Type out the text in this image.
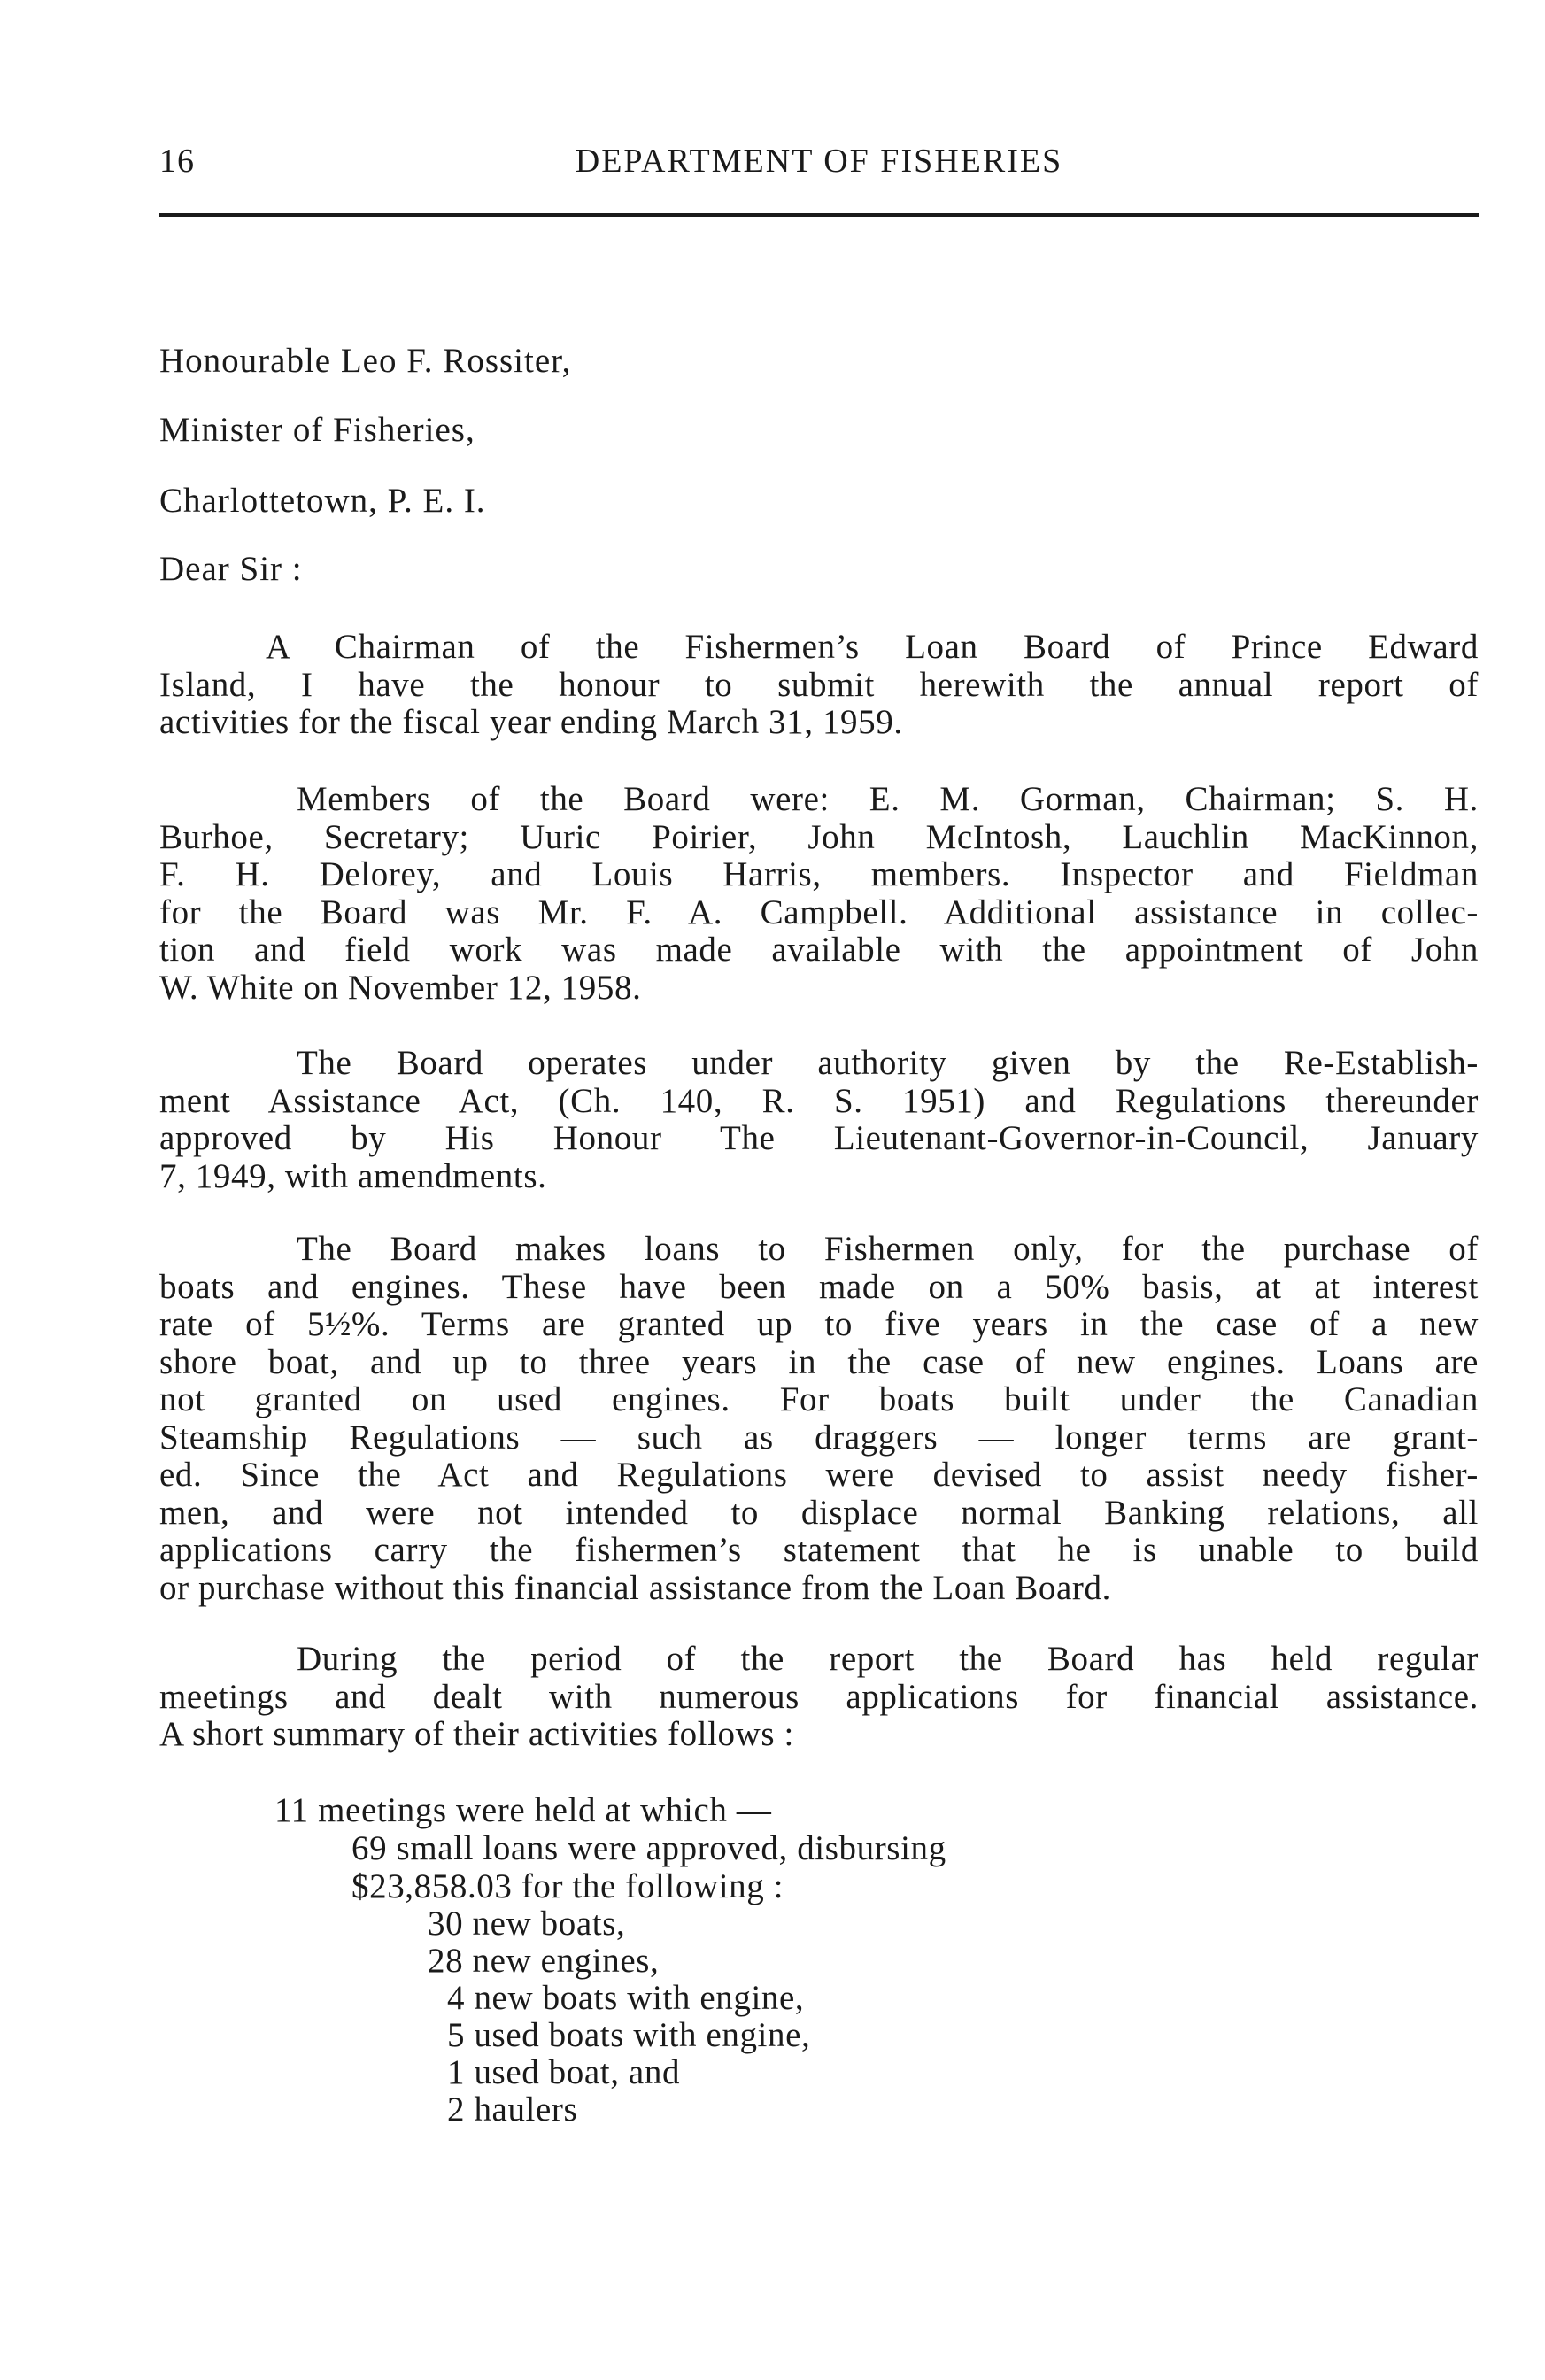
16	DEPARTMENT OF FISHERIES
Honourable Leo F. Rossiter,
Minister of Fisheries,
Charlottetown, P. E. I.
Dear Sir :
A Chairman of the Fishermen’s Loan Board of Prince Edward
Island, I have the honour to submit herewith the annual report of
activities for the fiscal year ending March 31, 1959.
Members of the Board were: E. M. Gorman, Chairman; S. H.
Burhoe, Secretary; Uuric Poirier, John McIntosh, Lauchlin MacKinnon,
F. H. Delorey, and Louis Harris, members. Inspector and Fieldman
for the Board was Mr. F. A. Campbell. Additional assistance in collec-
tion and field work was made available with the appointment of John
W. White on November 12, 1958.
The Board operates under authority given by the Re-Establish-
ment Assistance Act, (Ch. 140, R. S. 1951) and Regulations thereunder
approved by His Honour The Lieutenant-Governor-in-Council, January
7, 1949, with amendments.
The Board makes loans to Fishermen only, for the purchase of
boats and engines. These have been made on a 50% basis, at at interest
rate of 5½%. Terms are granted up to five years in the case of a new
shore boat, and up to three years in the case of new engines. Loans are
not granted on used engines. For boats built under the Canadian
Steamship Regulations — such as draggers — longer terms are grant-
ed. Since the Act and Regulations were devised to assist needy fisher-
men, and were not intended to displace normal Banking relations, all
applications carry the fishermen’s statement that he is unable to build
or purchase without this financial assistance from the Loan Board.
During the period of the report the Board has held regular
meetings and dealt with numerous applications for financial assistance.
A short summary of their activities follows :
11 meetings were held at which —
69 small loans were approved, disbursing
$23,858.03 for the following :
30 new boats,
28 new engines,
4 new boats with engine,
5 used boats with engine,
1 used boat, and
2 haulers
